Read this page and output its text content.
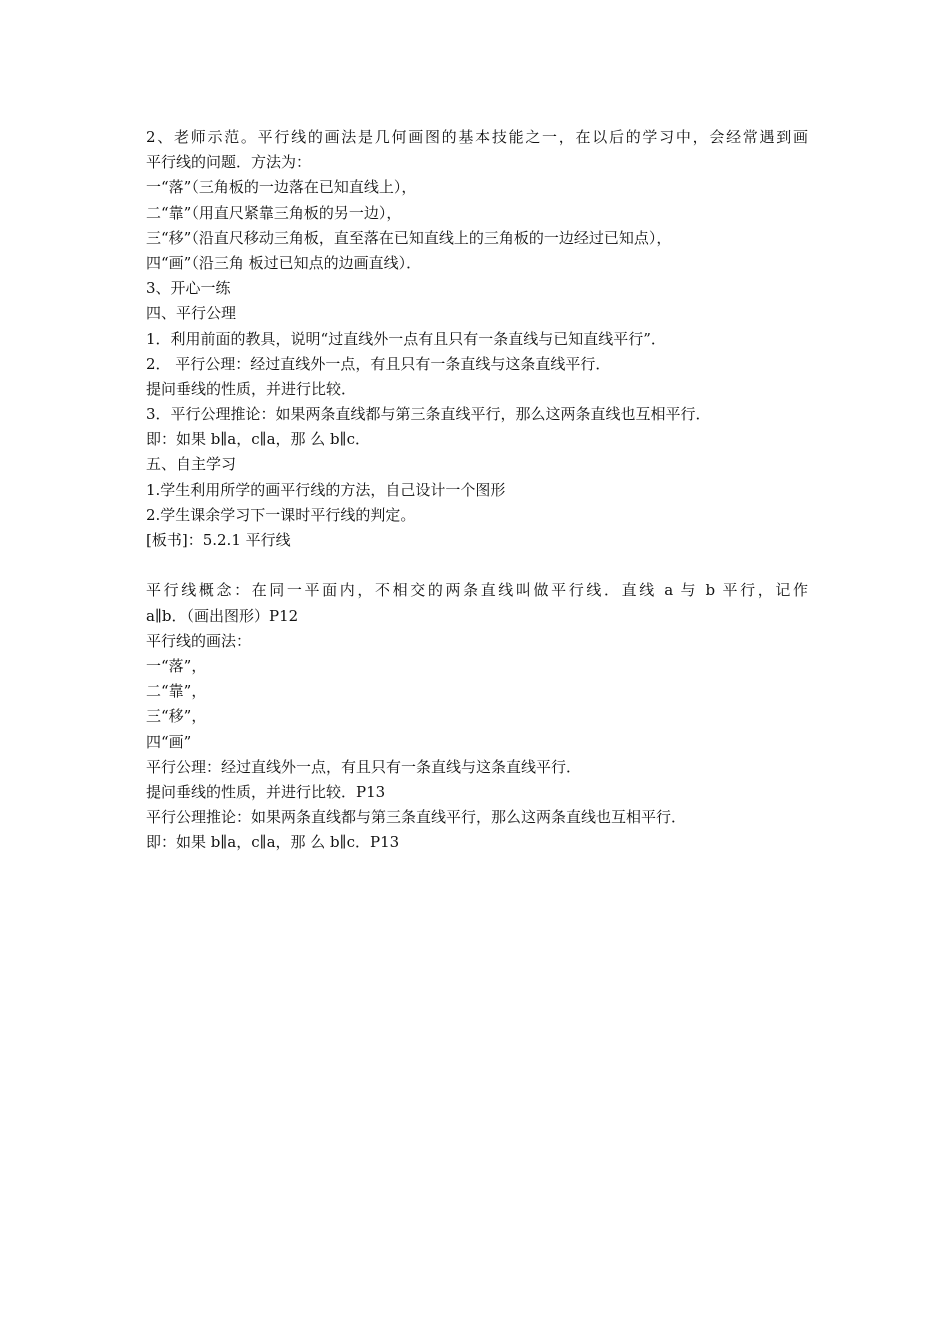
2、老师示范。平行线的画法是几何画图的基本技能之一，在以后的学习中，会经常遇到画
平行线的问题．方法为：
一“落”（三角板的一边落在已知直线上），
二“靠”（用直尺紧靠三角板的另一边），
三“移”（沿直尺移动三角板，直至落在已知直线上的三角板的一边经过已知点），
四“画”（沿三角 板过已知点的边画直线）．
3、开心一练
四、平行公理
1．利用前面的教具，说明“过直线外一点有且只有一条直线与已知直线平行”．
2． 平行公理：经过直线外一点，有且只有一条直线与这条直线平行．
提问垂线的性质，并进行比较．
3．平行公理推论：如果两条直线都与第三条直线平行，那么这两条直线也互相平行．
即：如果 b∥a，c∥a，那 么 b∥c．
五、自主学习
1.学生利用所学的画平行线的方法，自己设计一个图形
2.学生课余学习下一课时平行线的判定。
[板书]：5.2.1 平行线
平行线概念：在同一平面内，不相交的两条直线叫做平行线．直线 a 与 b 平行，记作
a∥b．（画出图形）P12
平行线的画法：
一“落”，
二“靠”，
三“移”，
四“画”
平行公理：经过直线外一点，有且只有一条直线与这条直线平行．
提问垂线的性质，并进行比较．P13
平行公理推论：如果两条直线都与第三条直线平行，那么这两条直线也互相平行．
即：如果 b∥a，c∥a，那 么 b∥c．P13
